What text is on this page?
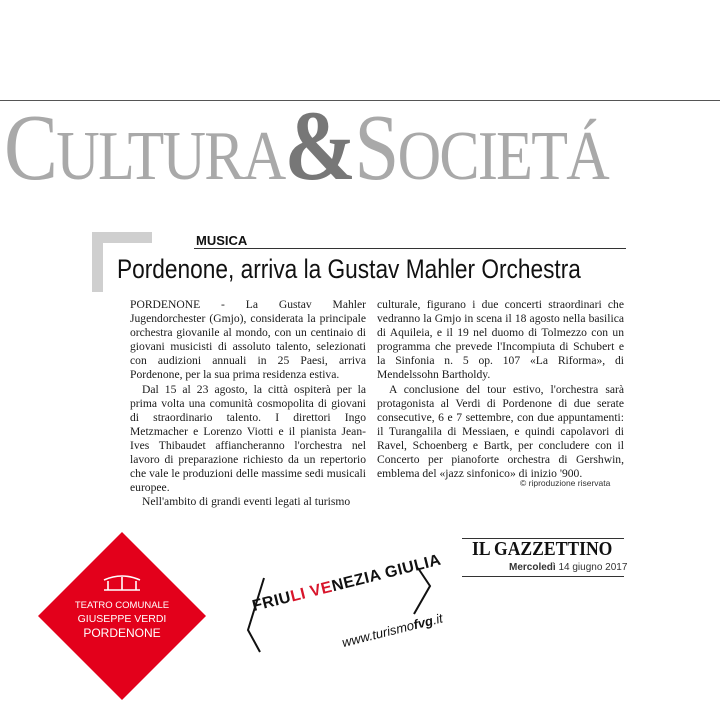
CULTURA&SOCIETÁ
MUSICA
Pordenone, arriva la Gustav Mahler Orchestra

PORDENONE - La Gustav Mahler Jugendorchester (Gmjo), considerata la principale orchestra giovanile al mondo, con un centinaio di giovani musicisti di assoluto talento, selezionati con audizioni annuali in 25 Paesi, arriva Pordenone, per la sua prima residenza estiva.

Dal 15 al 23 agosto, la città ospiterà per la prima volta una comunità cosmopolita di giovani di straordinario talento. I direttori Ingo Metzmacher e Lorenzo Viotti e il pianista Jean-Ives Thibaudet affiancheranno l'orchestra nel lavoro di preparazione richiesto da un repertorio che vale le produzioni delle massime sedi musicali europee.

Nell'ambito di grandi eventi legati al turismo

culturale, figurano i due concerti straordinari che vedranno la Gmjo in scena il 18 agosto nella basilica di Aquileia, e il 19 nel duomo di Tolmezzo con un programma che prevede l'Incompiuta di Schubert e la Sinfonia n. 5 op. 107 «La Riforma», di Mendelssohn Bartholdy.

A conclusione del tour estivo, l'orchestra sarà protagonista al Verdi di Pordenone di due serate consecutive, 6 e 7 settembre, con due appuntamenti: il Turangalila di Messiaen, e quindi capolavori di Ravel, Schoenberg e Bartk, per concludere con il Concerto per pianoforte orchestra di Gershwin, emblema del «jazz sinfonico» di inizio '900.

© riproduzione riservata
IL GAZZETTINO
Mercoledì 14 giugno 2017
TEATRO COMUNALE
GIUSEPPE VERDI
PORDENONE
FRIULI VENEZIA GIULIA
www.turismofvg.it
